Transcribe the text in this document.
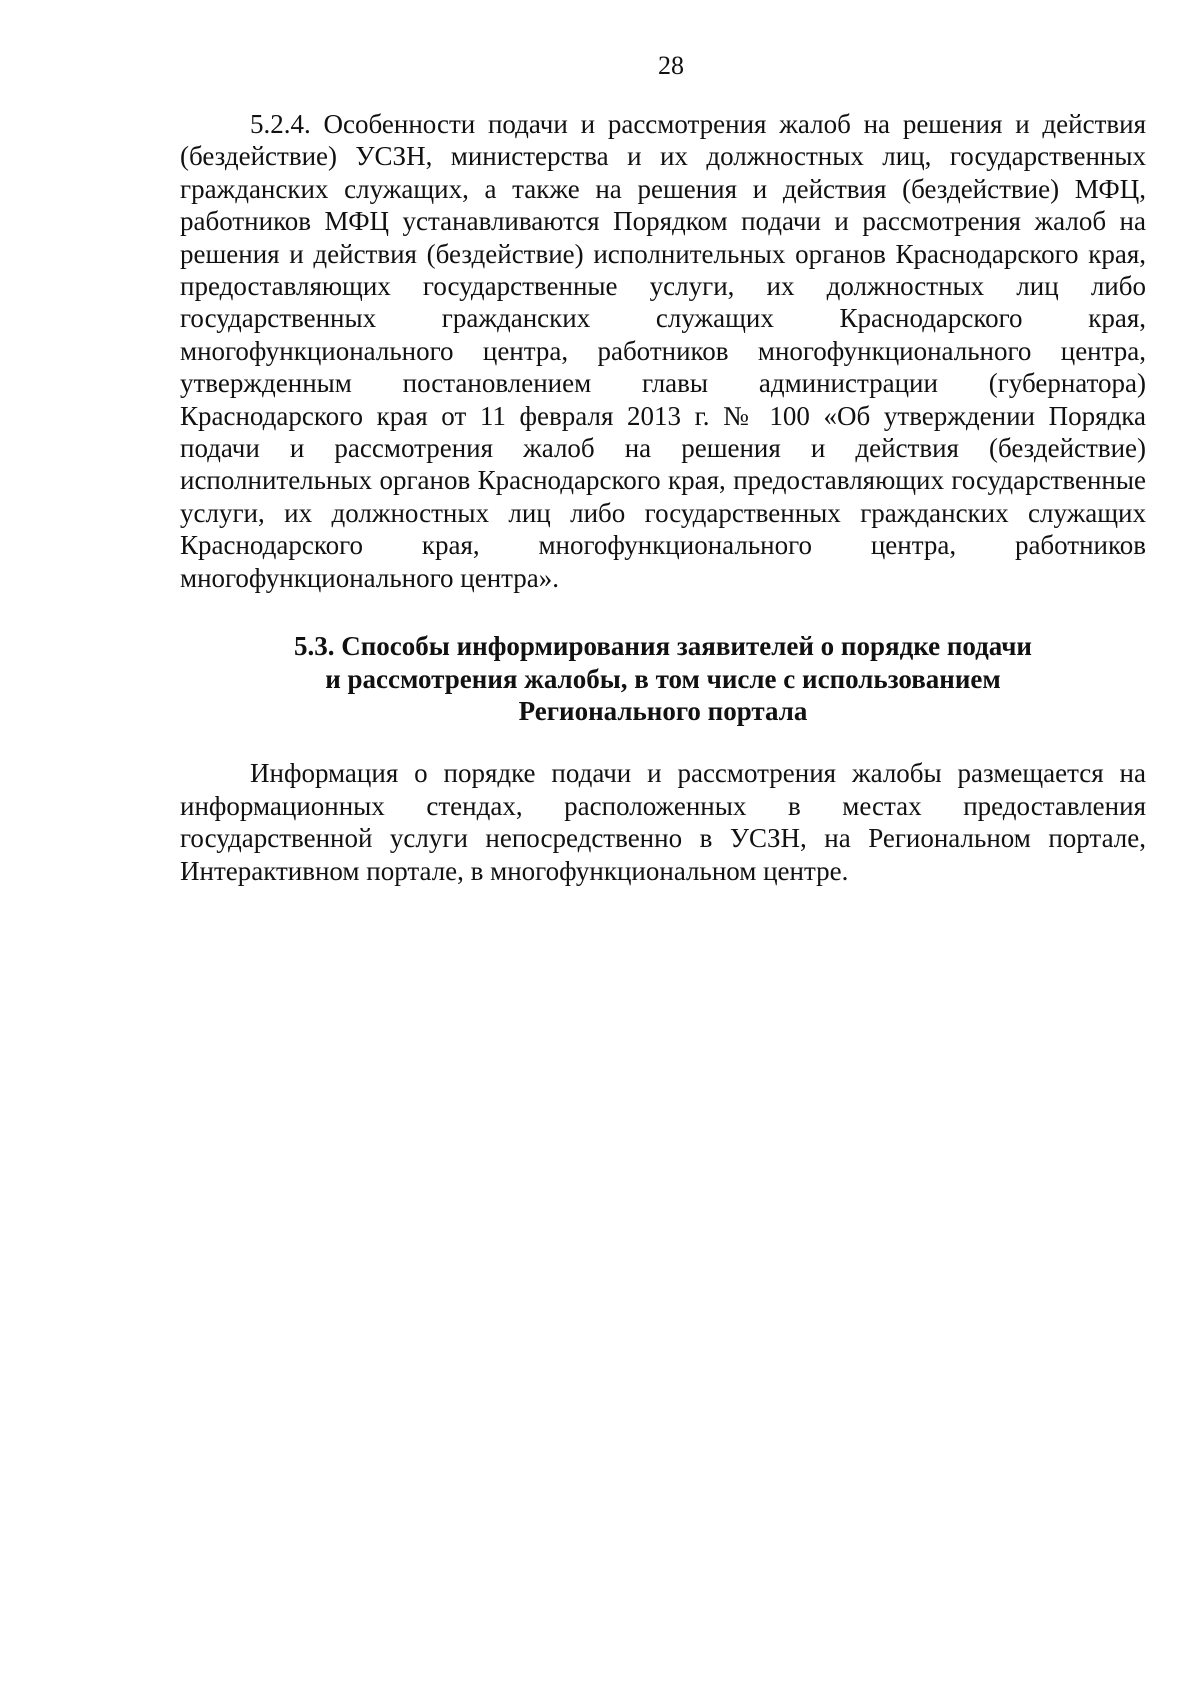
28

5.2.4. Особенности подачи и рассмотрения жалоб на решения и действия (бездействие) УСЗН, министерства и их должностных лиц, государственных гражданских служащих, а также на решения и действия (бездействие) МФЦ, работников МФЦ устанавливаются Порядком подачи и рассмотрения жалоб на решения и действия (бездействие) исполнительных органов Краснодарского края, предоставляющих государственные услуги, их должностных лиц либо государственных гражданских служащих Краснодарского края, многофункционального центра, работников многофункционального центра, утвержденным постановлением главы администрации (губернатора) Краснодарского края от 11 февраля 2013 г. № 100 «Об утверждении Порядка подачи и рассмотрения жалоб на решения и действия (бездействие) исполнительных органов Краснодарского края, предоставляющих государственные услуги, их должностных лиц либо государственных гражданских служащих Краснодарского края, многофункционального центра, работников многофункционального центра».

5.3. Способы информирования заявителей о порядке подачи
и рассмотрения жалобы, в том числе с использованием
Регионального портала

Информация о порядке подачи и рассмотрения жалобы размещается на информационных стендах, расположенных в местах предоставления государственной услуги непосредственно в УСЗН, на Региональном портале, Интерактивном портале, в многофункциональном центре.
